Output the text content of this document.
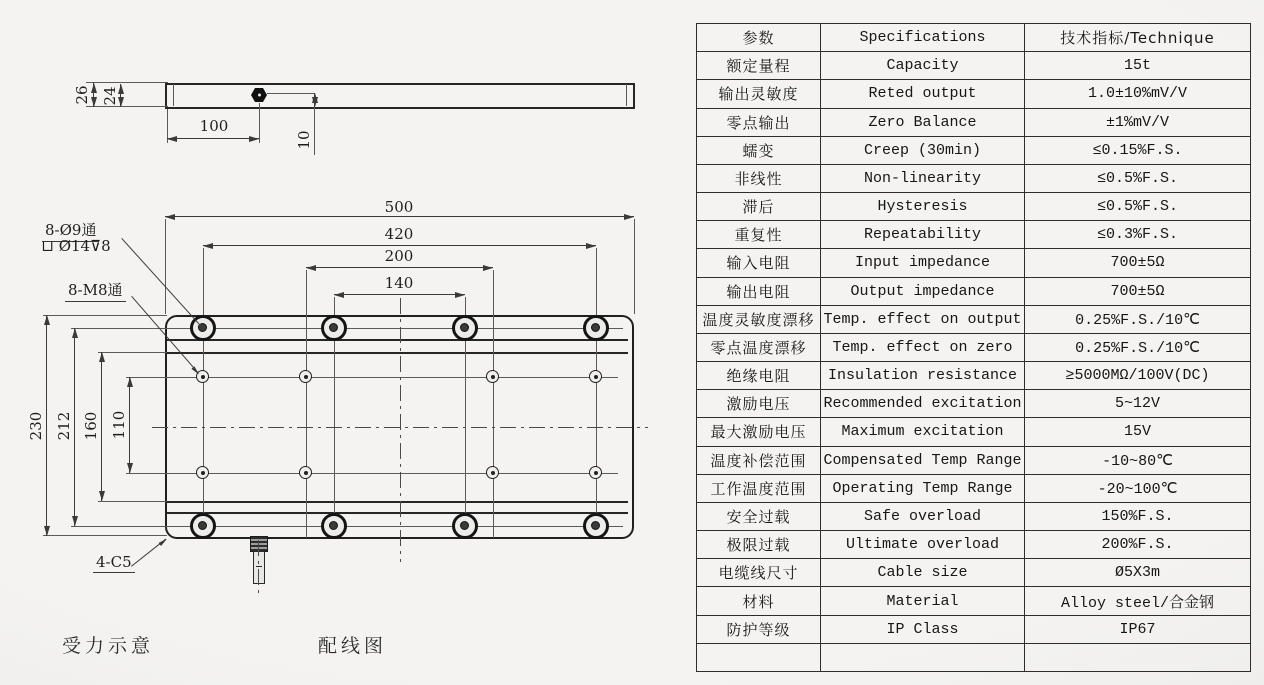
26 24
100
10
500
420
200
140
230 212 160 110
8-Ø9通
⊔ Ø14⊽8
8-M8通
4-C5
受力示意	配线图
参数	Specifications	技术指标/Technique
额定量程	Capacity	15t
输出灵敏度	Reted output	1.0±10%mV/V
零点输出	Zero Balance	±1%mV/V
蠕变	Creep (30min)	≤0.15%F.S.
非线性	Non-linearity	≤0.5%F.S.
滞后	Hysteresis	≤0.5%F.S.
重复性	Repeatability	≤0.3%F.S.
输入电阻	Input impedance	700±5Ω
输出电阻	Output impedance	700±5Ω
温度灵敏度漂移	Temp. effect on output	0.25%F.S./10℃
零点温度漂移	Temp. effect on zero	0.25%F.S./10℃
绝缘电阻	Insulation resistance	≥5000MΩ/100V(DC)
激励电压	Recommended excitation	5~12V
最大激励电压	Maximum excitation	15V
温度补偿范围	Compensated Temp Range	-10~80℃
工作温度范围	Operating Temp Range	-20~100℃
安全过载	Safe overload	150%F.S.
极限过载	Ultimate overload	200%F.S.
电缆线尺寸	Cable size	Ø5X3m
材料	Material	Alloy steel/合金钢
防护等级	IP Class	IP67
